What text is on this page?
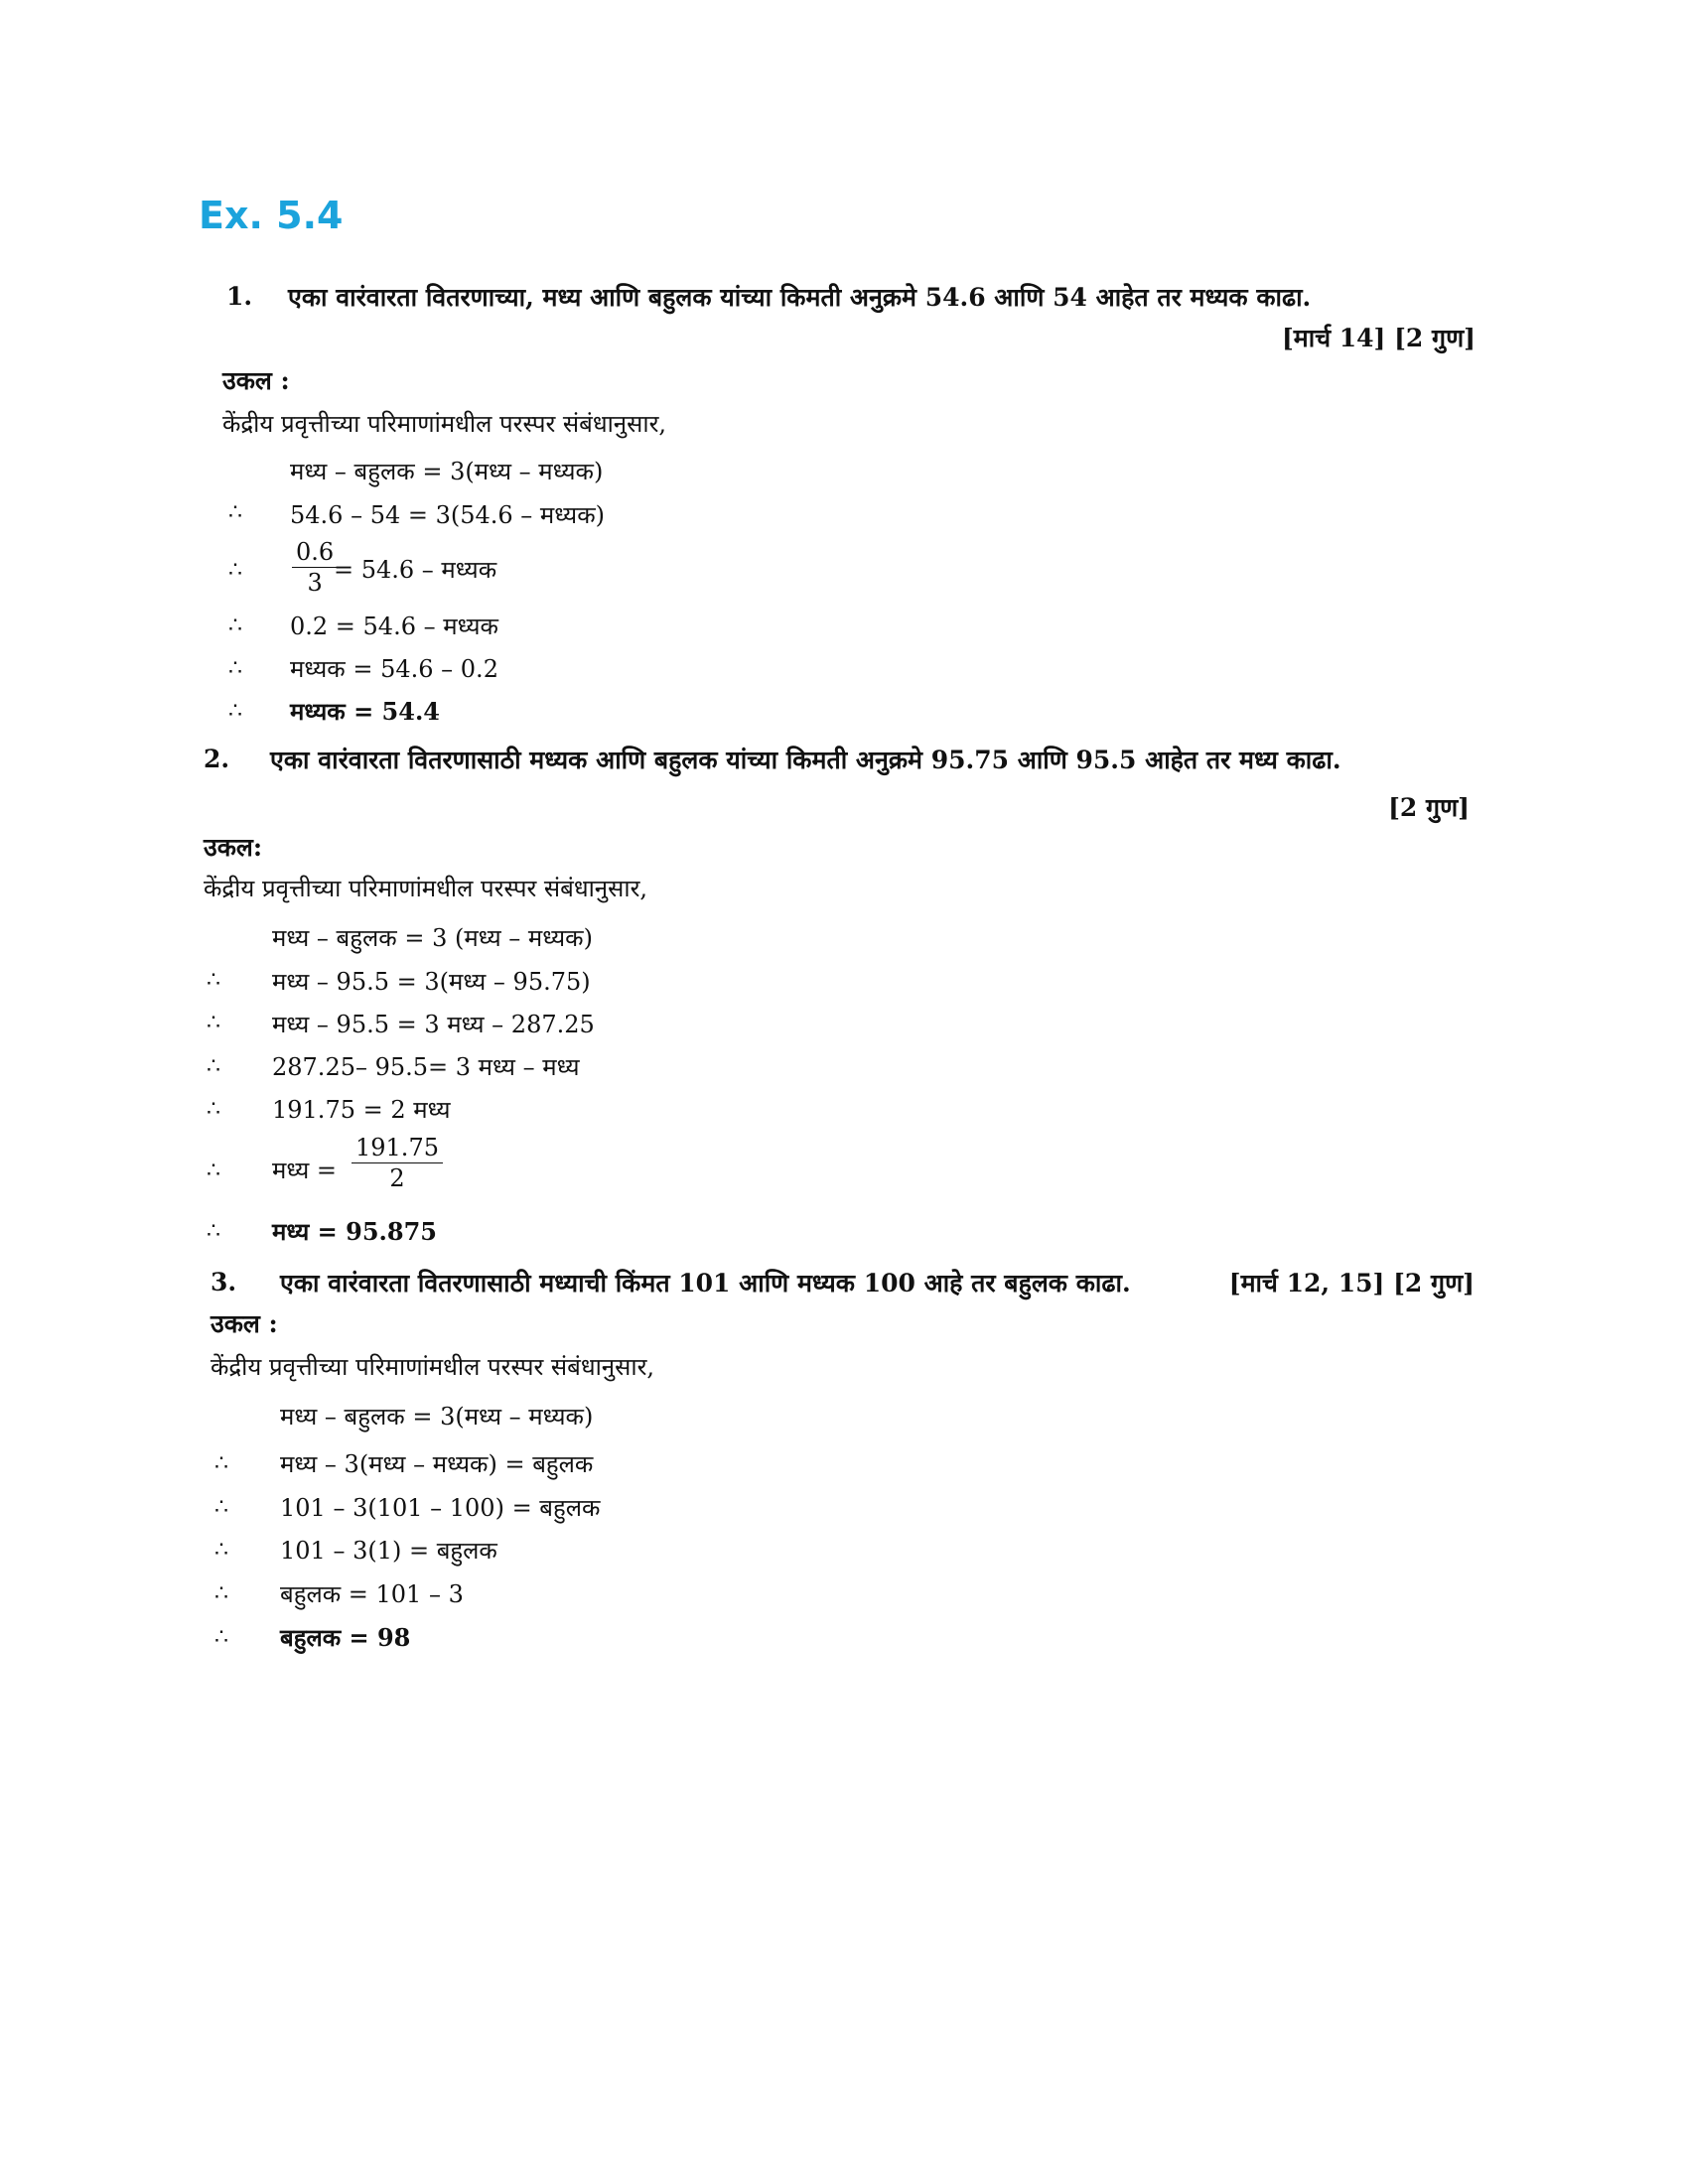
Ex. 5.4
1. एका वारंवारता वितरणाच्या, मध्य आणि बहुलक यांच्या किमती अनुक्रमे 54.6 आणि 54 आहेत तर मध्यक काढा.
[मार्च 14] [2 गुण]
उकल :
केंद्रीय प्रवृत्तीच्या परिमाणांमधील परस्पर संबंधानुसार,
मध्य – बहुलक = 3(मध्य – मध्यक)
∴ 54.6 – 54 = 3(54.6 – मध्यक)
∴ $\frac{0.6}{3}$
= 54.6 – मध्यक
∴ 0.2 = 54.6 – मध्यक
∴ मध्यक = 54.6 – 0.2
∴ मध्यक = 54.4
2. एका वारंवारता वितरणासाठी मध्यक आणि बहुलक यांच्या किमती अनुक्रमे 95.75 आणि 95.5 आहेत तर मध्य काढा.
[2 गुण]
उकल:
केंद्रीय प्रवृत्तीच्या परिमाणांमधील परस्पर संबंधानुसार,
मध्य – बहुलक = 3 (मध्य – मध्यक)
∴ मध्य – 95.5 = 3(मध्य – 95.75)
∴ मध्य – 95.5 = 3 मध्य – 287.25
∴ 287.25– 95.5= 3 मध्य – मध्य
∴ 191.75 = 2 मध्य
∴ मध्य = $\frac{191.75}{2}$
∴ मध्य = 95.875
3. एका वारंवारता वितरणासाठी मध्याची किंमत 101 आणि मध्यक 100 आहे तर बहुलक काढा.	[मार्च 12, 15] [2 गुण]
उकल :
केंद्रीय प्रवृत्तीच्या परिमाणांमधील परस्पर संबंधानुसार,
मध्य – बहुलक = 3(मध्य – मध्यक)
∴ मध्य – 3(मध्य – मध्यक) = बहुलक
∴ 101 – 3(101 – 100) = बहुलक
∴ 101 – 3(1) = बहुलक
∴ बहुलक = 101 – 3
∴ बहुलक = 98
